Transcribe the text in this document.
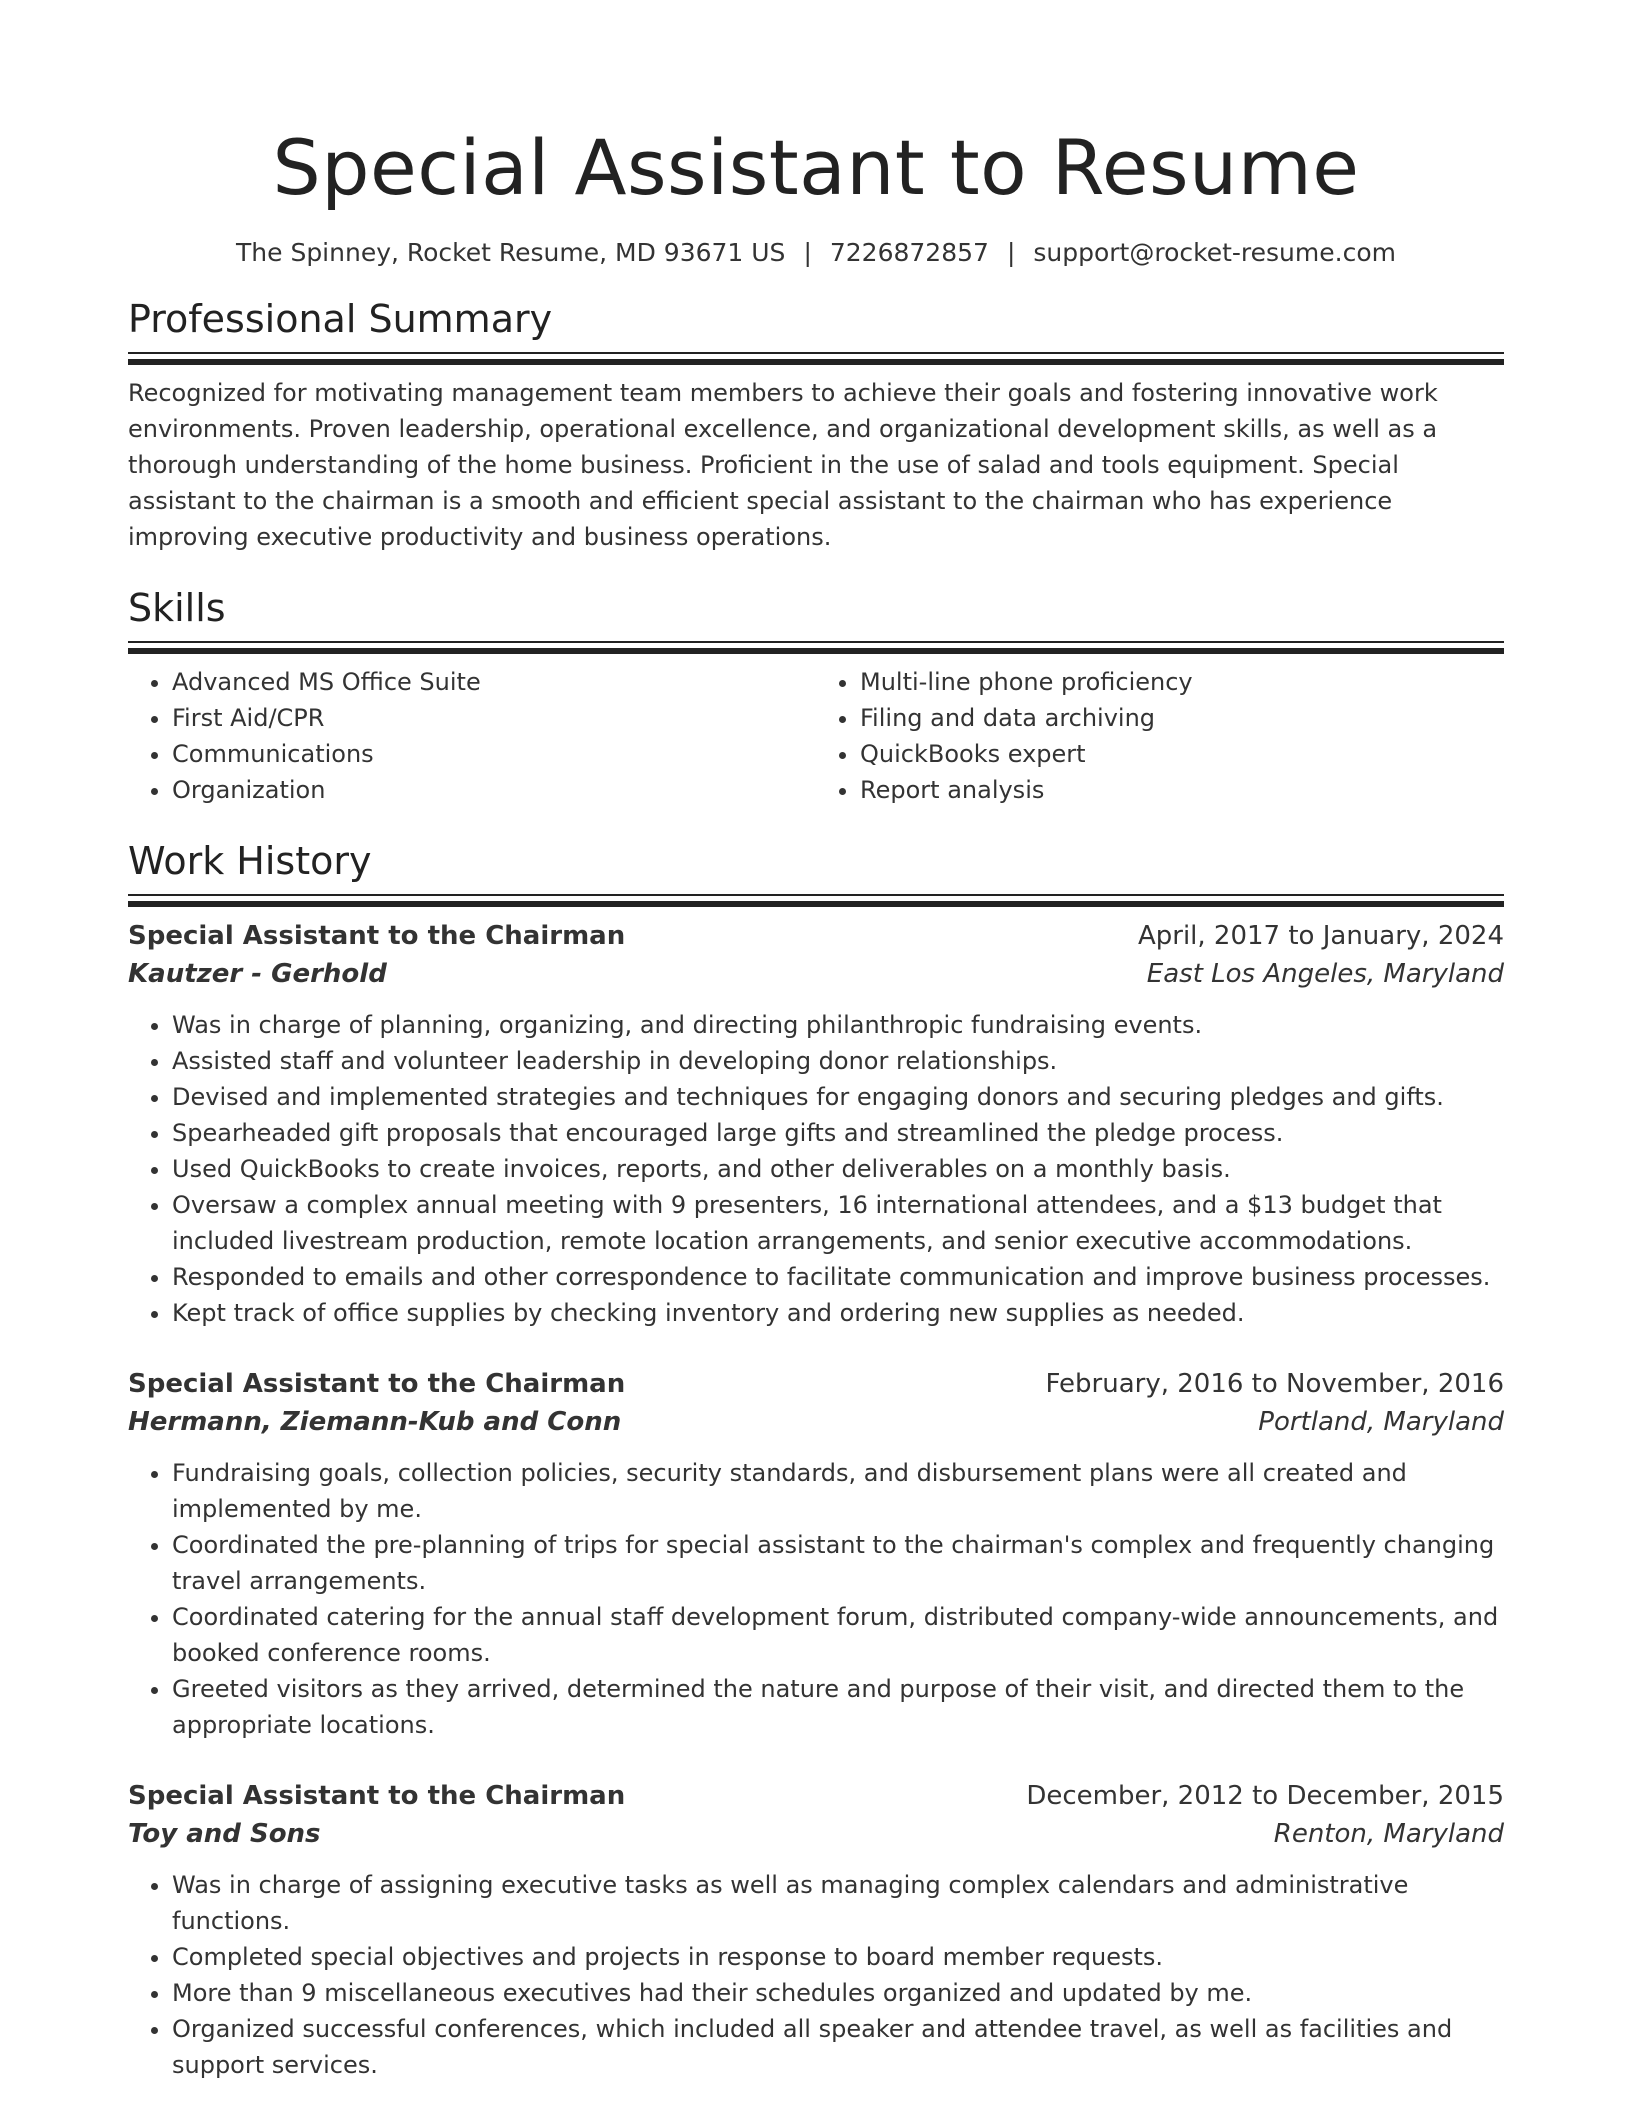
Special Assistant to Resume
The Spinney, Rocket Resume, MD 93671 US | 7226872857 | support@rocket-resume.com
Professional Summary

Recognized for motivating management team members to achieve their goals and fostering innovative work environments. Proven leadership, operational excellence, and organizational development skills, as well as a thorough understanding of the home business. Proficient in the use of salad and tools equipment. Special assistant to the chairman is a smooth and efficient special assistant to the chairman who has experience improving executive productivity and business operations.

Skills
• Advanced MS Office Suite
• First Aid/CPR
• Communications
• Organization
• Multi-line phone proficiency
• Filing and data archiving
• QuickBooks expert
• Report analysis
Work History
Special Assistant to the Chairman	April, 2017 to January, 2024
Kautzer - Gerhold	East Los Angeles, Maryland
• Was in charge of planning, organizing, and directing philanthropic fundraising events.
• Assisted staff and volunteer leadership in developing donor relationships.
• Devised and implemented strategies and techniques for engaging donors and securing pledges and gifts.
• Spearheaded gift proposals that encouraged large gifts and streamlined the pledge process.
• Used QuickBooks to create invoices, reports, and other deliverables on a monthly basis.
• Oversaw a complex annual meeting with 9 presenters, 16 international attendees, and a $13 budget that included livestream production, remote location arrangements, and senior executive accommodations.
• Responded to emails and other correspondence to facilitate communication and improve business processes.
• Kept track of office supplies by checking inventory and ordering new supplies as needed.
Special Assistant to the Chairman	February, 2016 to November, 2016
Hermann, Ziemann-Kub and Conn	Portland, Maryland
• Fundraising goals, collection policies, security standards, and disbursement plans were all created and implemented by me.
• Coordinated the pre-planning of trips for special assistant to the chairman's complex and frequently changing travel arrangements.
• Coordinated catering for the annual staff development forum, distributed company-wide announcements, and booked conference rooms.
• Greeted visitors as they arrived, determined the nature and purpose of their visit, and directed them to the appropriate locations.
Special Assistant to the Chairman	December, 2012 to December, 2015
Toy and Sons	Renton, Maryland
• Was in charge of assigning executive tasks as well as managing complex calendars and administrative functions.
• Completed special objectives and projects in response to board member requests.
• More than 9 miscellaneous executives had their schedules organized and updated by me.
• Organized successful conferences, which included all speaker and attendee travel, as well as facilities and support services.
